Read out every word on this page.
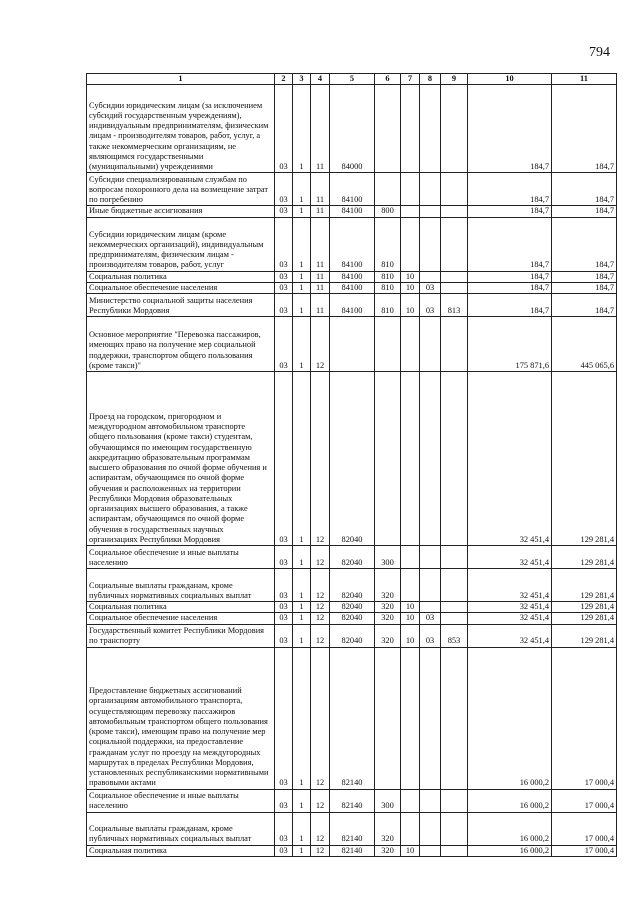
794
1	2	3	4	5	6	7	8	9	10	11
Субсидии юридическим лицам (за исключением субсидий государственным учреждениям), индивидуальным предпринимателям, физическим лицам - производителям товаров, работ, услуг, а также некоммерческим организациям, не являющимся государственными (муниципальными) учреждениями	03	1	11	84000					184,7	184,7
Субсидии специализированным службам по вопросам похоронного дела на возмещение затрат по погребению	03	1	11	84100					184,7	184,7
Иные бюджетные ассигнования	03	1	11	84100	800				184,7	184,7
Субсидии юридическим лицам (кроме некоммерческих организаций), индивидуальным предпринимателям, физическим лицам - производителям товаров, работ, услуг	03	1	11	84100	810				184,7	184,7
Социальная политика	03	1	11	84100	810	10			184,7	184,7
Социальное обеспечение населения	03	1	11	84100	810	10	03		184,7	184,7
Министерство социальной защиты населения Республики Мордовия	03	1	11	84100	810	10	03	813	184,7	184,7
Основное мероприятие "Перевозка пассажиров, имеющих право на получение мер социальной поддержки, транспортом общего пользования (кроме такси)"	03	1	12						175 871,6	445 065,6
Проезд на городском, пригородном и междугородном автомобильном транспорте общего пользования (кроме такси) студентам, обучающимся по имеющим государственную аккредитацию образовательным программам высшего образования по очной форме обучения и аспирантам, обучающимся по очной форме обучения и расположенных на территории Республики Мордовия образовательных организациях высшего образования, а также аспирантам, обучающимся по очной форме обучения в государственных научных организациях Республики Мордовия	03	1	12	82040					32 451,4	129 281,4
Социальное обеспечение и иные выплаты населению	03	1	12	82040	300				32 451,4	129 281,4
Социальные выплаты гражданам, кроме публичных нормативных социальных выплат	03	1	12	82040	320				32 451,4	129 281,4
Социальная политика	03	1	12	82040	320	10			32 451,4	129 281,4
Социальное обеспечение населения	03	1	12	82040	320	10	03		32 451,4	129 281,4
Государственный комитет Республики Мордовия по транспорту	03	1	12	82040	320	10	03	853	32 451,4	129 281,4
Предоставление бюджетных ассигнований организациям автомобильного транспорта, осуществляющим перевозку пассажиров автомобильным транспортом общего пользования (кроме такси), имеющим право на получение мер социальной поддержки, на предоставление гражданам услуг по проезду на междугородных маршрутах в пределах Республики Мордовия, установленных республиканскими нормативными правовыми актами	03	1	12	82140					16 000,2	17 000,4
Социальное обеспечение и иные выплаты населению	03	1	12	82140	300				16 000,2	17 000,4
Социальные выплаты гражданам, кроме публичных нормативных социальных выплат	03	1	12	82140	320				16 000,2	17 000,4
Социальная политика	03	1	12	82140	320	10			16 000,2	17 000,4
